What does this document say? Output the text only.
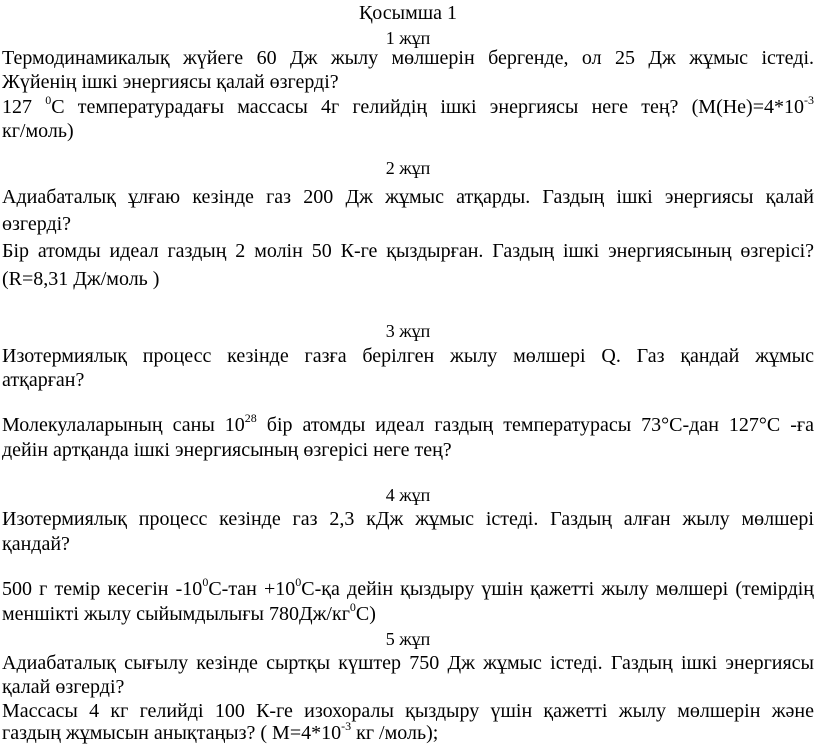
Қосымша 1
1 жұп
Термодинамикалық жүйеге 60 Дж жылу мөлшерін бергенде, ол 25 Дж жұмыс істеді.
Жүйенің ішкі энергиясы қалай өзгерді?
127 $^0$С температурадағы массасы 4г гелийдің ішкі энергиясы неге тең? ($M(He)=4*10^{-3}$
кг/моль)
2 жұп
Адиабаталық ұлғаю кезінде газ 200 Дж жұмыс атқарды. Газдың ішкі энергиясы қалай
өзгерді?
Бір атомды идеал газдың 2 молін 50 К-ге қыздырған. Газдың ішкі энергиясының өзгерісі?
(R=8,31 Дж/моль )
3 жұп
Изотермиялық процесс кезінде газға берілген жылу мөлшері Q. Газ қандай жұмыс
атқарған?
Молекулаларының саны $10^{28}$ бір атомды идеал газдың температурасы 73°С-дан 127°С -ға
дейін артқанда ішкі энергиясының өзгерісі неге тең?
4 жұп
Изотермиялық процесс кезінде газ 2,3 кДж жұмыс істеді. Газдың алған жылу мөлшері
қандай?
500 г темір кесегін $-10^0С$-тан $+10^0С-қа$ дейін қыздыру үшін қажетті жылу мөлшері (темірдің
меншікті жылу сыйымдылығы $780Дж/кг^0С$)
5 жұп
Адиабаталық сығылу кезінде сыртқы күштер 750 Дж жұмыс істеді. Газдың ішкі энергиясы
қалай өзгерді?
Массасы 4 кг гелийді 100 К-ге изохоралы қыздыру үшін қажетті жылу мөлшерін және
газдың жұмысын анықтаңыз? ( $M=4*10^{-3}$ кг /моль);
